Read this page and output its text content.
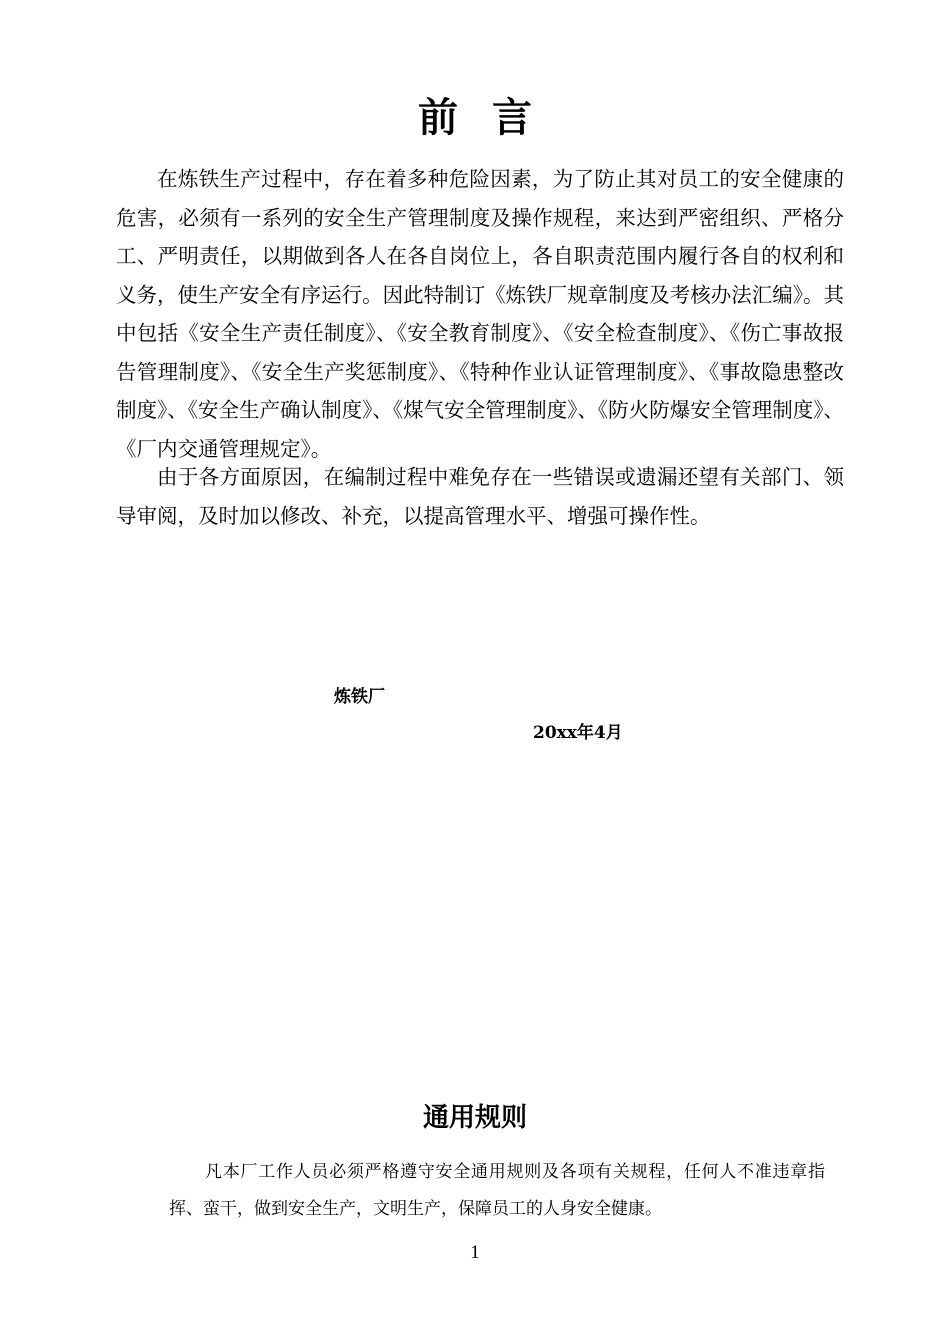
前言

在炼铁生产过程中，存在着多种危险因素，为了防止其对员工的安全健康的危害，必须有一系列的安全生产管理制度及操作规程，来达到严密组织、严格分工、严明责任，以期做到各人在各自岗位上，各自职责范围内履行各自的权利和义务，使生产安全有序运行。因此特制订《炼铁厂规章制度及考核办法汇编》。其中包括《安全生产责任制度》、《安全教育制度》、《安全检查制度》、《伤亡事故报告管理制度》、《安全生产奖惩制度》、《特种作业认证管理制度》、《事故隐患整改制度》、《安全生产确认制度》、《煤气安全管理制度》、《防火防爆安全管理制度》、《厂内交通管理规定》。

由于各方面原因，在编制过程中难免存在一些错误或遗漏还望有关部门、领导审阅，及时加以修改、补充，以提高管理水平、增强可操作性。

炼铁厂
20xx年4月
通用规则

凡本厂工作人员必须严格遵守安全通用规则及各项有关规程，任何人不准违章指挥、蛮干，做到安全生产，文明生产，保障员工的人身安全健康。

1
